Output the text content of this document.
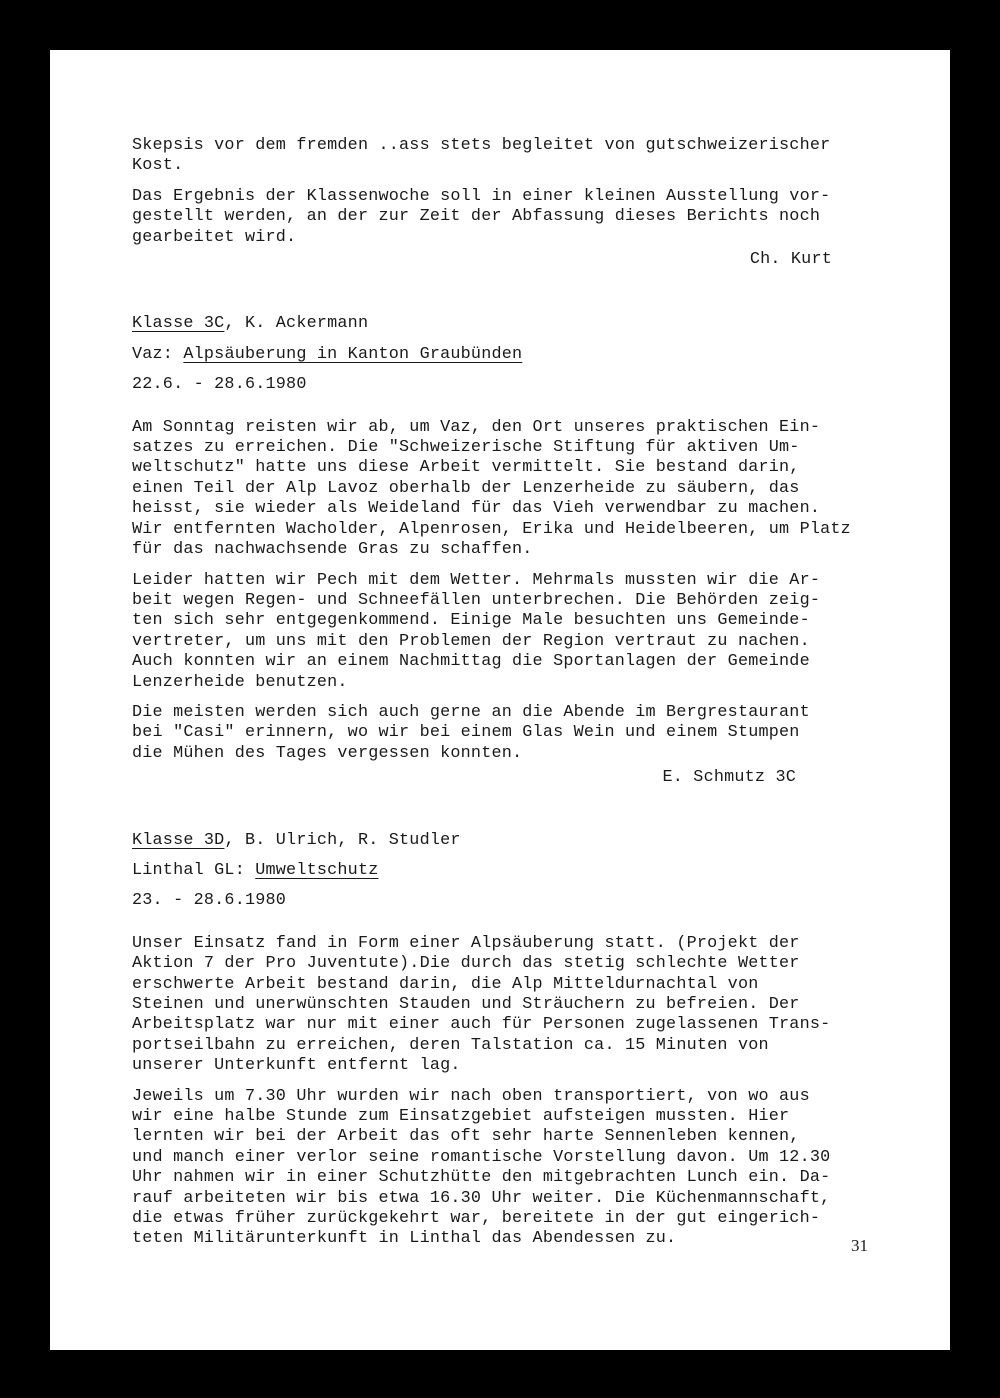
Skepsis vor dem fremden ..ass stets begleitet von gutschweizerischer
Kost.

Das Ergebnis der Klassenwoche soll in einer kleinen Ausstellung vor-
gestellt werden, an der zur Zeit der Abfassung dieses Berichts noch
gearbeitet wird.

Ch. Kurt

Klasse 3C, K. Ackermann

Vaz: Alpsäuberung in Kanton Graubünden

22.6. - 28.6.1980

Am Sonntag reisten wir ab, um Vaz, den Ort unseres praktischen Ein-
satzes zu erreichen. Die "Schweizerische Stiftung für aktiven Um-
weltschutz" hatte uns diese Arbeit vermittelt. Sie bestand darin,
einen Teil der Alp Lavoz oberhalb der Lenzerheide zu säubern, das
heisst, sie wieder als Weideland für das Vieh verwendbar zu machen.
Wir entfernten Wacholder, Alpenrosen, Erika und Heidelbeeren, um Platz
für das nachwachsende Gras zu schaffen.

Leider hatten wir Pech mit dem Wetter. Mehrmals mussten wir die Ar-
beit wegen Regen- und Schneefällen unterbrechen. Die Behörden zeig-
ten sich sehr entgegenkommend. Einige Male besuchten uns Gemeinde-
vertreter, um uns mit den Problemen der Region vertraut zu nachen.
Auch konnten wir an einem Nachmittag die Sportanlagen der Gemeinde
Lenzerheide benutzen.

Die meisten werden sich auch gerne an die Abende im Bergrestaurant
bei "Casi" erinnern, wo wir bei einem Glas Wein und einem Stumpen
die Mühen des Tages vergessen konnten.

E. Schmutz 3C

Klasse 3D, B. Ulrich, R. Studler

Linthal GL: Umweltschutz

23. - 28.6.1980

Unser Einsatz fand in Form einer Alpsäuberung statt. (Projekt der
Aktion 7 der Pro Juventute).Die durch das stetig schlechte Wetter
erschwerte Arbeit bestand darin, die Alp Mitteldurnachtal von
Steinen und unerwünschten Stauden und Sträuchern zu befreien. Der
Arbeitsplatz war nur mit einer auch für Personen zugelassenen Trans-
portseilbahn zu erreichen, deren Talstation ca. 15 Minuten von
unserer Unterkunft entfernt lag.

Jeweils um 7.30 Uhr wurden wir nach oben transportiert, von wo aus
wir eine halbe Stunde zum Einsatzgebiet aufsteigen mussten. Hier
lernten wir bei der Arbeit das oft sehr harte Sennenleben kennen,
und manch einer verlor seine romantische Vorstellung davon. Um 12.30
Uhr nahmen wir in einer Schutzhütte den mitgebrachten Lunch ein. Da-
rauf arbeiteten wir bis etwa 16.30 Uhr weiter. Die Küchenmannschaft,
die etwas früher zurückgekehrt war, bereitete in der gut eingerich-
teten Militärunterkunft in Linthal das Abendessen zu.	31
